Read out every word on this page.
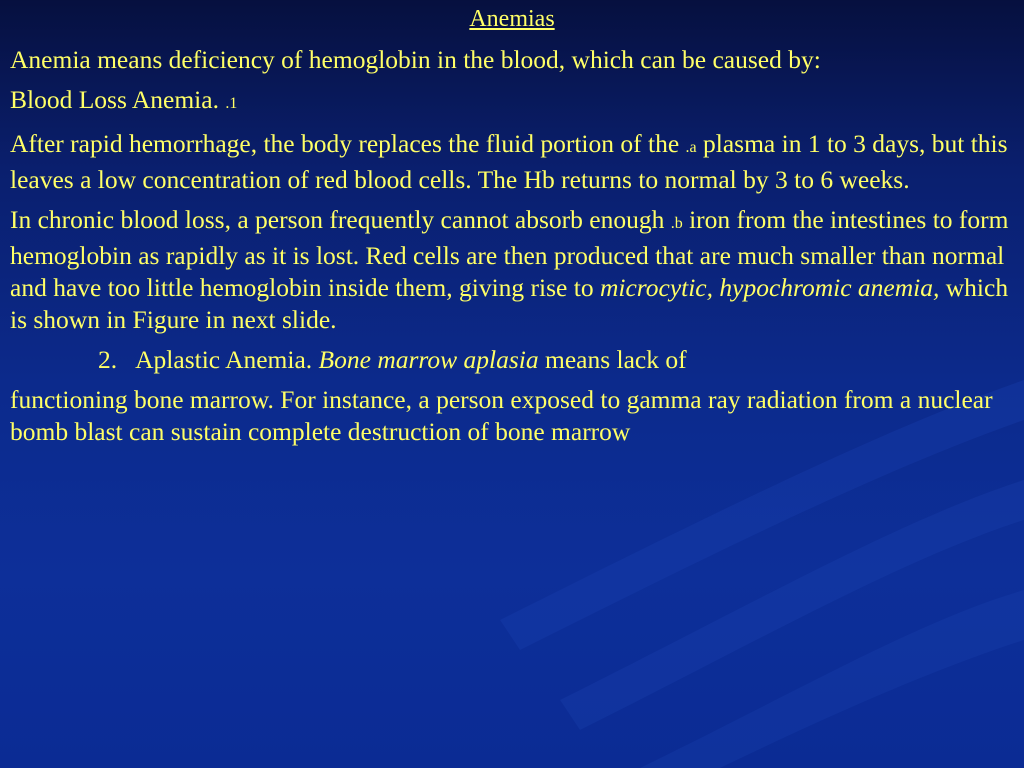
Anemias

Anemia means deficiency of hemoglobin in the blood, which can be caused by:

Blood Loss Anemia. .1

After rapid hemorrhage, the body replaces the fluid portion of the .a plasma in 1 to 3 days, but this leaves a low concentration of red blood cells. The Hb returns to normal by 3 to 6 weeks.

In chronic blood loss, a person frequently cannot absorb enough .b iron from the intestines to form hemoglobin as rapidly as it is lost. Red cells are then produced that are much smaller than normal and have too little hemoglobin inside them, giving rise to microcytic, hypochromic anemia, which is shown in Figure in next slide.

2. Aplastic Anemia. Bone marrow aplasia means lack of

functioning bone marrow. For instance, a person exposed to gamma ray radiation from a nuclear bomb blast can sustain complete destruction of bone marrow
